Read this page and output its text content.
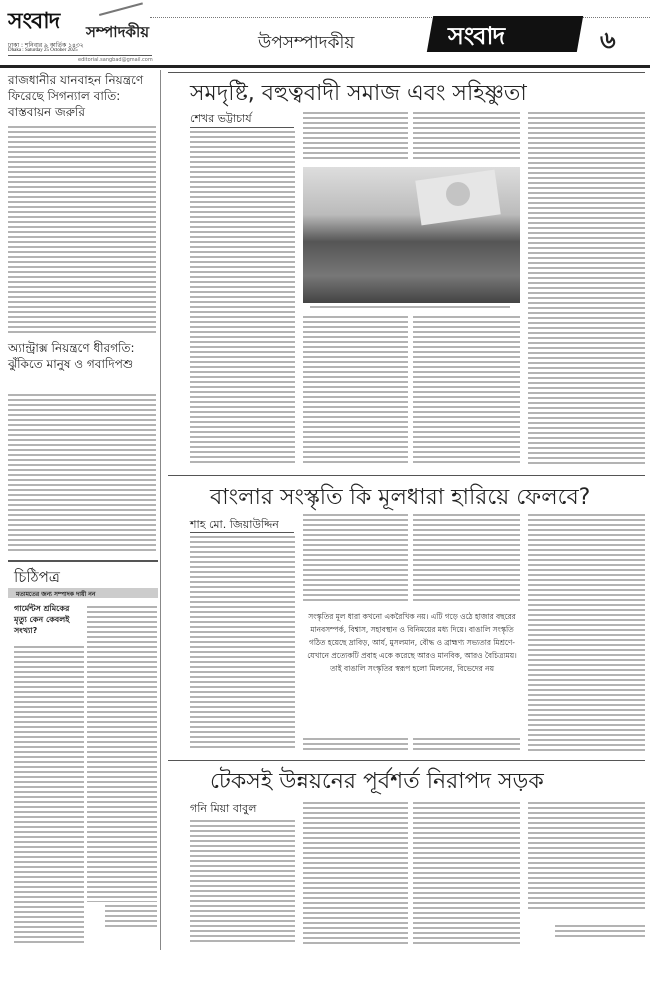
সংবাদ সম্পাদকীয়
ঢাকা : শনিবার ৯ কার্তিক ১৪৩২
Dhaka : Saturday 25 October 2025
editorial.sangbad@gmail.com
উপসম্পাদকীয়	সংবাদ	৬
রাজধানীর যানবাহন নিয়ন্ত্রণে ফিরেছে সিগন্যাল বাতি: বাস্তবায়ন জরুরি
অ্যান্ট্রাক্স নিয়ন্ত্রণে ধীরগতি: ঝুঁকিতে মানুষ ও গবাদিপশু
চিঠিপত্র
মতামতের জন্য সম্পাদক দায়ী নন
গার্মেন্টস শ্রমিকের মৃত্যু কেন কেবলই সংখ্যা?
সমদৃষ্টি, বহুত্ববাদী সমাজ এবং সহিষ্ণুতা
শেখর ভট্টাচার্য
বাংলার সংস্কৃতি কি মূলধারা হারিয়ে ফেলবে?
শাহ মো. জিয়াউদ্দিন
সংস্কৃতির মূল ধারা কখনো একরৈখিক নয়। এটি গড়ে ওঠে হাজার বছরের মানবসম্পর্ক, বিশ্বাস, সহাবস্থান ও বিনিময়ের মধ্য দিয়ে। বাঙালি সংস্কৃতি গঠিত হয়েছে দ্রাবিড়, আর্য, মুসলমান, বৌদ্ধ ও ব্রাহ্মণ্য সভ্যতার মিশ্রণে-যেখানে প্রত্যেকটি প্রবাহ একে করেছে আরও মানবিক, আরও বৈচিত্র্যময়। তাই বাঙালি সংস্কৃতির স্বরূপ হলো মিলনের, বিভেদের নয়
টেকসই উন্নয়নের পূর্বশর্ত নিরাপদ সড়ক
গনি মিয়া বাবুল
